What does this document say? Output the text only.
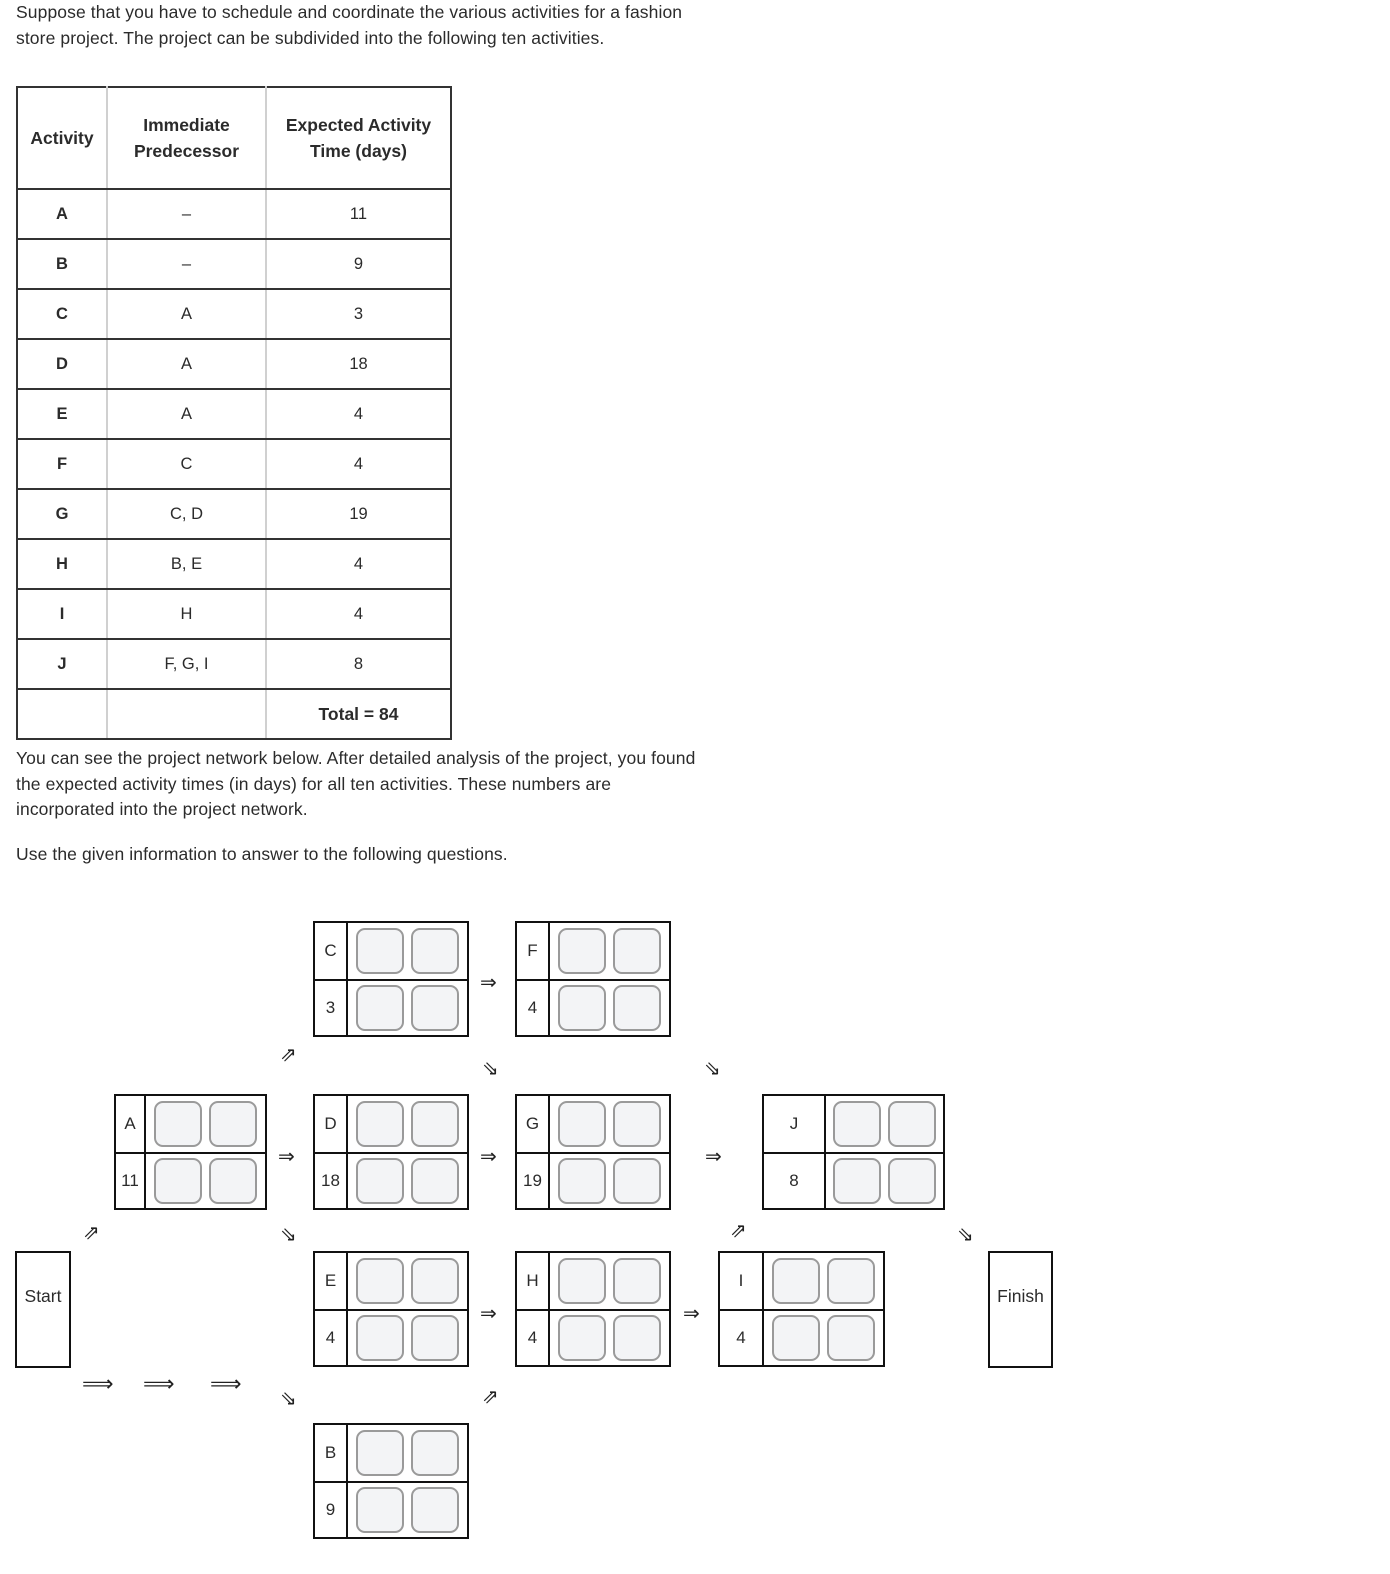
Suppose that you have to schedule and coordinate the various activities for a fashion store project. The project can be subdivided into the following ten activities.

Activity	Immediate Predecessor	Expected Activity Time (days)
A	–	11
B	–	9
C	A	3
D	A	18
E	A	4
F	C	4
G	C, D	19
H	B, E	4
I	H	4
J	F, G, I	8
		Total = 84

You can see the project network below. After detailed analysis of the project, you found the expected activity times (in days) for all ten activities. These numbers are incorporated into the project network.

Use the given information to answer to the following questions.

Start	Finish
C
3
F
4
A
11
D
18
G
19
J
8
E
4
H
4
I
4
B
9
⇒
⇗
⇘	⇘
⇒	⇒	⇒
⇗	⇘	⇗	⇘
⇒	⇒
⟹ ⟹ ⟹
⇘	⇗
